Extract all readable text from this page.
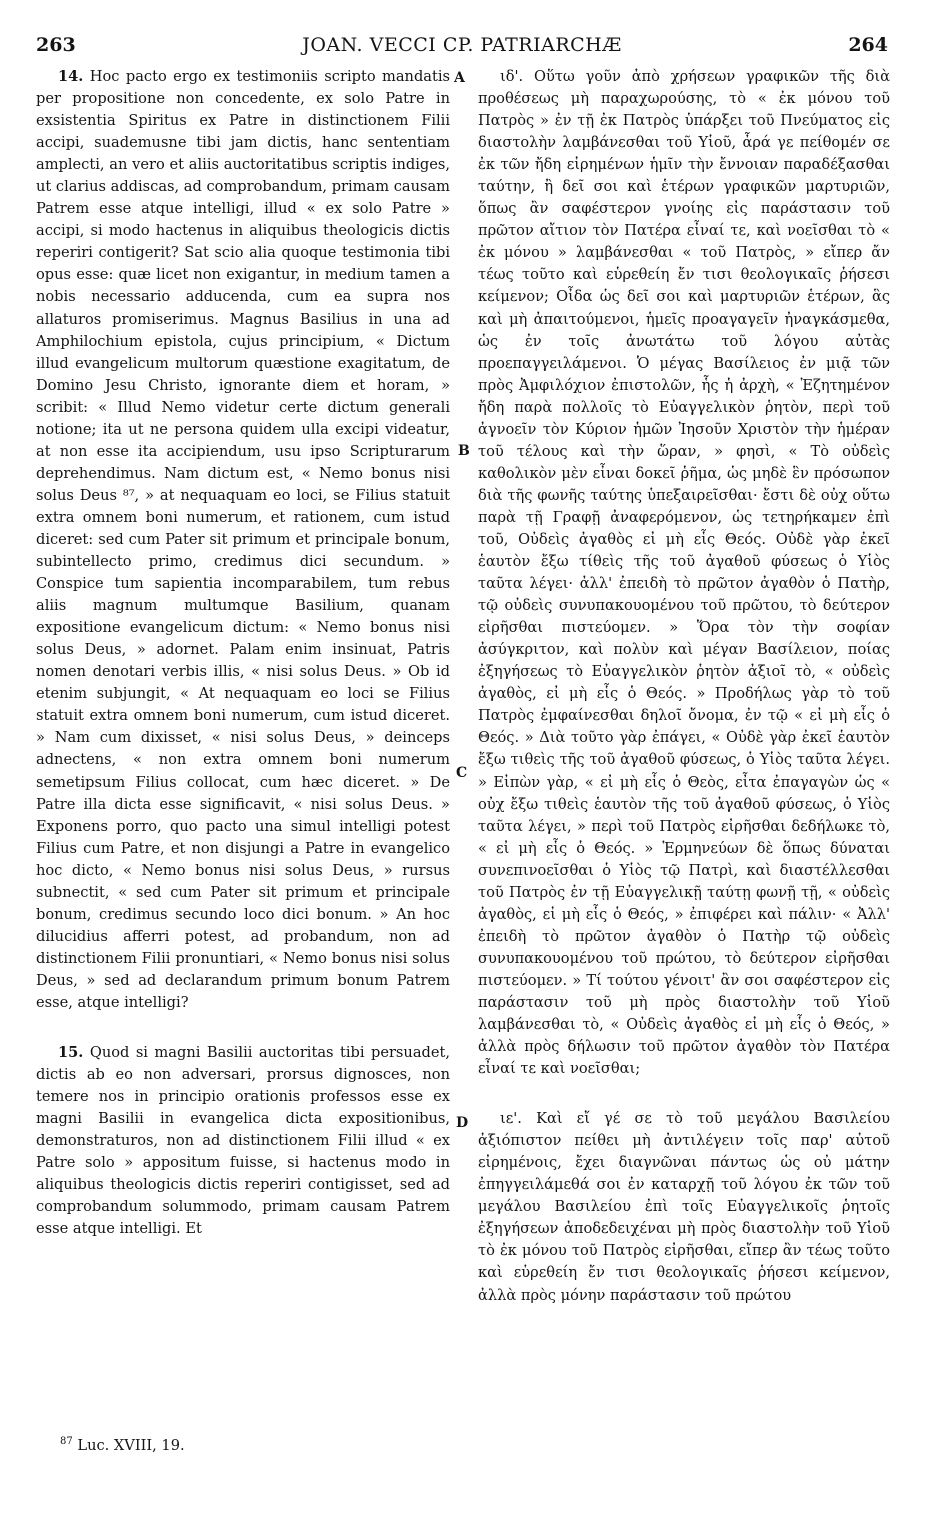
263	JOAN. VECCI CP. PATRIARCHÆ	264

14. Hoc pacto ergo ex testimoniis scripto mandatis per propositione non concedente, ex solo Patre in exsistentia Spiritus ex Patre in distinctionem Filii accipi, suademusne tibi jam dictis, hanc sententiam amplecti, an vero et aliis auctoritatibus scriptis indiges, ut clarius addiscas, ad comprobandum, primam causam Patrem esse atque intelligi, illud « ex solo Patre » accipi, si modo hactenus in aliquibus theologicis dictis reperiri contigerit? Sat scio alia quoque testimonia tibi opus esse: quæ licet non exigantur, in medium tamen a nobis necessario adducenda, cum ea supra nos allaturos promiserimus. Magnus Basilius in una ad Amphilochium epistola, cujus principium, « Dictum illud evangelicum multorum quæstione exagitatum, de Domino Jesu Christo, ignorante diem et horam, » scribit: « Illud Nemo videtur certe dictum generali notione; ita ut ne persona quidem ulla excipi videatur, at non esse ita accipiendum, usu ipso Scripturarum deprehendimus. Nam dictum est, « Nemo bonus nisi solus Deus ⁸⁷, » at nequaquam eo loci, se Filius statuit extra omnem boni numerum, et rationem, cum istud diceret: sed cum Pater sit primum et principale bonum, subintellecto primo, credimus dici secundum. » Conspice tum sapientia incomparabilem, tum rebus aliis magnum multumque Basilium, quanam expositione evangelicum dictum: « Nemo bonus nisi solus Deus, » adornet. Palam enim insinuat, Patris nomen denotari verbis illis, « nisi solus Deus. » Ob id etenim subjungit, « At nequaquam eo loci se Filius statuit extra omnem boni numerum, cum istud diceret. » Nam cum dixisset, « nisi solus Deus, » deinceps adnectens, « non extra omnem boni numerum semetipsum Filius collocat, cum hæc diceret. » De Patre illa dicta esse significavit, « nisi solus Deus. » Exponens porro, quo pacto una simul intelligi potest Filius cum Patre, et non disjungi a Patre in evangelico hoc dicto, « Nemo bonus nisi solus Deus, » rursus subnectit, « sed cum Pater sit primum et principale bonum, credimus secundo loco dici bonum. » An hoc dilucidius afferri potest, ad probandum, non ad distinctionem Filii pronuntiari, « Nemo bonus nisi solus Deus, » sed ad declarandum primum bonum Patrem esse, atque intelligi?

15. Quod si magni Basilii auctoritas tibi persuadet, dictis ab eo non adversari, prorsus dignosces, non temere nos in principio orationis professos esse ex magni Basilii in evangelica dicta expositionibus, demonstraturos, non ad distinctionem Filii illud « ex Patre solo » appositum fuisse, si hactenus modo in aliquibus theologicis dictis reperiri contigisset, sed ad comprobandum solummodo, primam causam Patrem esse atque intelligi. Et

A
B
C
D

ιδ'. Οὕτω γοῦν ἀπὸ χρήσεων γραφικῶν τῆς διὰ προθέσεως μὴ παραχωρούσης, τὸ « ἐκ μόνου τοῦ Πατρὸς » ἐν τῇ ἐκ Πατρὸς ὑπάρξει τοῦ Πνεύματος εἰς διαστολὴν λαμβάνεσθαι τοῦ Υἱοῦ, ἆρά γε πείθομέν σε ἐκ τῶν ἤδη εἰρημένων ἡμῖν τὴν ἔννοιαν παραδέξασθαι ταύτην, ἢ δεῖ σοι καὶ ἑτέρων γραφικῶν μαρτυριῶν, ὅπως ἂν σαφέστερον γνοίης εἰς παράστασιν τοῦ πρῶτον αἴτιον τὸν Πατέρα εἶναί τε, καὶ νοεῖσθαι τὸ « ἐκ μόνου » λαμβάνεσθαι « τοῦ Πατρὸς, » εἴπερ ἄν τέως τοῦτο καὶ εὑρεθείη ἔν τισι θεολογικαῖς ῥήσεσι κείμενον; Οἶδα ὡς δεῖ σοι καὶ μαρτυριῶν ἑτέρων, ἃς καὶ μὴ ἀπαιτούμενοι, ἡμεῖς προαγαγεῖν ἠναγκάσμεθα, ὡς ἐν τοῖς ἀνωτάτω τοῦ λόγου αὐτὰς προεπαγγειλάμενοι. Ὁ μέγας Βασίλειος ἐν μιᾷ τῶν πρὸς Ἀμφιλόχιον ἐπιστολῶν, ἧς ἡ ἀρχὴ, « Ἐζητημένον ἤδη παρὰ πολλοῖς τὸ Εὐαγγελικὸν ῥητὸν, περὶ τοῦ ἀγνοεῖν τὸν Κύριον ἡμῶν Ἰησοῦν Χριστὸν τὴν ἡμέραν τοῦ τέλους καὶ τὴν ὥραν, » φησὶ, « Τὸ οὐδεὶς καθολικὸν μὲν εἶναι δοκεῖ ῥῆμα, ὡς μηδὲ ἓν πρόσωπον διὰ τῆς φωνῆς ταύτης ὑπεξαιρεῖσθαι· ἔστι δὲ οὐχ οὕτω παρὰ τῇ Γραφῇ ἀναφερόμενον, ὡς τετηρήκαμεν ἐπὶ τοῦ, Οὐδεὶς ἀγαθὸς εἰ μὴ εἷς Θεός. Οὐδὲ γὰρ ἐκεῖ ἑαυτὸν ἔξω τίθεὶς τῆς τοῦ ἀγαθοῦ φύσεως ὁ Υἱὸς ταῦτα λέγει· ἀλλ' ἐπειδὴ τὸ πρῶτον ἀγαθὸν ὁ Πατὴρ, τῷ οὐδεὶς συνυπακουομένου τοῦ πρῶτου, τὸ δεύτερον εἰρῆσθαι πιστεύομεν. » Ὅρα τὸν τὴν σοφίαν ἀσύγκριτον, καὶ πολὺν καὶ μέγαν Βασίλειον, ποίας ἐξηγήσεως τὸ Εὐαγγελικὸν ῥητὸν ἀξιοῖ τὸ, « οὐδεὶς ἀγαθὸς, εἰ μὴ εἷς ὁ Θεός. » Προδήλως γὰρ τὸ τοῦ Πατρὸς ἐμφαίνεσθαι δηλοῖ ὄνομα, ἐν τῷ « εἰ μὴ εἷς ὁ Θεός. » Διὰ τοῦτο γὰρ ἐπάγει, « Οὐδὲ γὰρ ἐκεῖ ἑαυτὸν ἔξω τιθεὶς τῆς τοῦ ἀγαθοῦ φύσεως, ὁ Υἱὸς ταῦτα λέγει. » Εἰπὼν γὰρ, « εἰ μὴ εἷς ὁ Θεὸς, εἶτα ἐπαγαγὼν ὡς « οὐχ ἔξω τιθεὶς ἑαυτὸν τῆς τοῦ ἀγαθοῦ φύσεως, ὁ Υἱὸς ταῦτα λέγει, » περὶ τοῦ Πατρὸς εἰρῆσθαι δεδήλωκε τὸ, « εἰ μὴ εἷς ὁ Θεός. » Ἑρμηνεύων δὲ ὅπως δύναται συνεπινοεῖσθαι ὁ Υἱὸς τῷ Πατρὶ, καὶ διαστέλλεσθαι τοῦ Πατρὸς ἐν τῇ Εὐαγγελικῇ ταύτῃ φωνῇ τῇ, « οὐδεὶς ἀγαθὸς, εἰ μὴ εἷς ὁ Θεός, » ἐπιφέρει καὶ πάλιν· « Ἀλλ' ἐπειδὴ τὸ πρῶτον ἀγαθὸν ὁ Πατὴρ τῷ οὐδεὶς συνυπακουομένου τοῦ πρώτου, τὸ δεύτερον εἰρῆσθαι πιστεύομεν. » Τί τούτου γένοιτ' ἂν σοι σαφέστερον εἰς παράστασιν τοῦ μὴ πρὸς διαστολὴν τοῦ Υἱοῦ λαμβάνεσθαι τὸ, « Οὐδεὶς ἀγαθὸς εἰ μὴ εἷς ὁ Θεός, » ἀλλὰ πρὸς δήλωσιν τοῦ πρῶτον ἀγαθὸν τὸν Πατέρα εἶναί τε καὶ νοεῖσθαι;

ιε'. Καὶ εἴ γέ σε τὸ τοῦ μεγάλου Βασιλείου ἀξιόπιστον πείθει μὴ ἀντιλέγειν τοῖς παρ' αὐτοῦ εἰρημένοις, ἔχει διαγνῶναι πάντως ὡς οὐ μάτην ἐπηγγειλάμεθά σοι ἐν καταρχῇ τοῦ λόγου ἐκ τῶν τοῦ μεγάλου Βασιλείου ἐπὶ τοῖς Εὐαγγελικοῖς ῥητοῖς ἐξηγήσεων ἀποδεδειχέναι μὴ πρὸς διαστολὴν τοῦ Υἱοῦ τὸ ἐκ μόνου τοῦ Πατρὸς εἰρῆσθαι, εἴπερ ἂν τέως τοῦτο καὶ εὑρεθείη ἔν τισι θεολογικαῖς ῥήσεσι κείμενον, ἀλλὰ πρὸς μόνην παράστασιν τοῦ πρώτου

$^{87}$ Luc. XVIII, 19.
